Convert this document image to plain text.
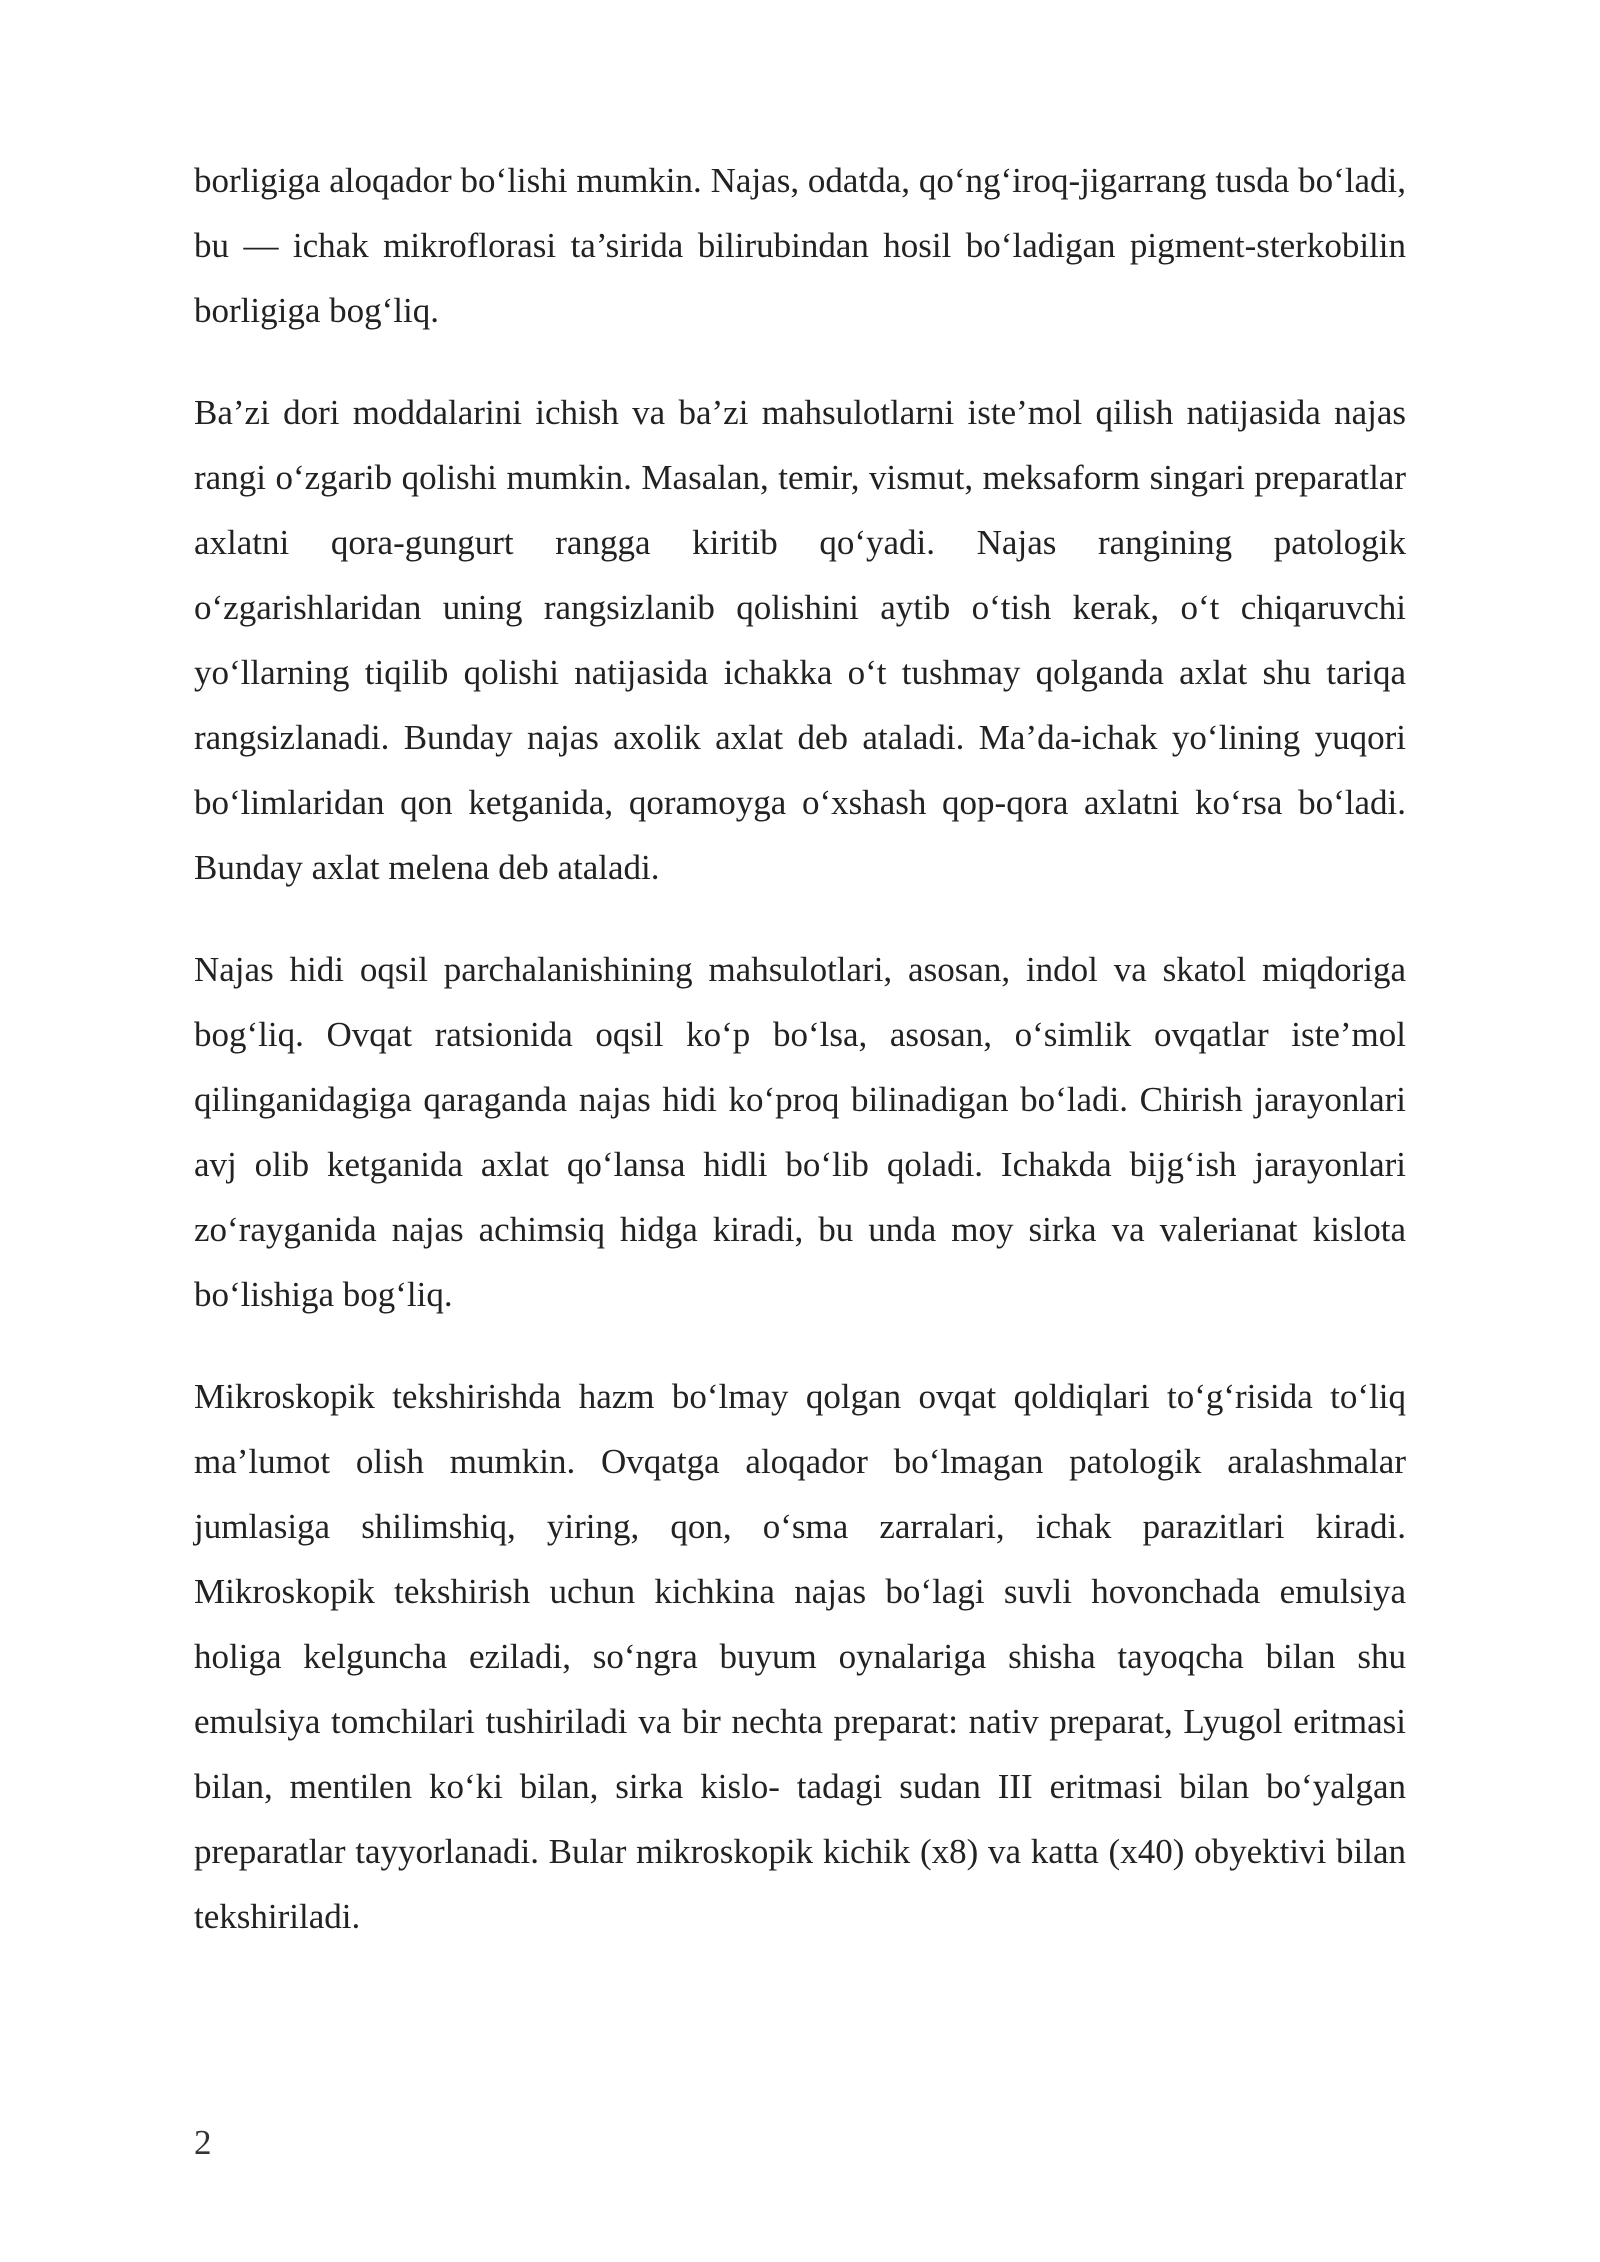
borligiga aloqador bo‘lishi mumkin. Najas, odatda, qo‘ng‘iroq-jigarrang tusda bo‘ladi, bu — ichak mikroflorasi ta’sirida bilirubindan hosil bo‘ladigan pigment-sterkobilin borligiga bog‘liq.

Ba’zi dori moddalarini ichish va ba’zi mahsulotlarni iste’mol qilish natijasida najas rangi o‘zgarib qolishi mumkin. Masalan, temir, vismut, meksaform singari preparatlar axlatni qora-gungurt rangga kiritib qo‘yadi. Najas rangining patologik o‘zgarishlaridan uning rangsizlanib qolishini aytib o‘tish kerak, o‘t chiqaruvchi yo‘llarning tiqilib qolishi natijasida ichakka o‘t tushmay qolganda axlat shu tariqa rangsizlanadi. Bunday najas axolik axlat deb ataladi. Ma’da-ichak yo‘lining yuqori bo‘limlaridan qon ketganida, qoramoyga o‘xshash qop-qora axlatni ko‘rsa bo‘ladi. Bunday axlat melena deb ataladi.

Najas hidi oqsil parchalanishining mahsulotlari, asosan, indol va skatol miqdoriga bog‘liq. Ovqat ratsionida oqsil ko‘p bo‘lsa, asosan, o‘simlik ovqatlar iste’mol qilinganidagiga qaraganda najas hidi ko‘proq bilinadigan bo‘ladi. Chirish jarayonlari avj olib ketganida axlat qo‘lansa hidli bo‘lib qoladi. Ichakda bijg‘ish jarayonlari zo‘rayganida najas achimsiq hidga kiradi, bu unda moy sirka va valerianat kislota bo‘lishiga bog‘liq.

Mikroskopik tekshirishda hazm bo‘lmay qolgan ovqat qoldiqlari to‘g‘risida to‘liq ma’lumot olish mumkin. Ovqatga aloqador bo‘lmagan patologik aralashmalar jumlasiga shilimshiq, yiring, qon, o‘sma zarralari, ichak parazitlari kiradi. Mikroskopik tekshirish uchun kichkina najas bo‘lagi suvli hovonchada emulsiya holiga kelguncha eziladi, so‘ngra buyum oynalariga shisha tayoqcha bilan shu emulsiya tomchilari tushiriladi va bir nechta preparat: nativ preparat, Lyugol eritmasi bilan, mentilen ko‘ki bilan, sirka kislo- tadagi sudan III eritmasi bilan bo‘yalgan preparatlar tayyorlanadi. Bular mikroskopik kichik (x8) va katta (x40) obyektivi bilan tekshiriladi.

2
